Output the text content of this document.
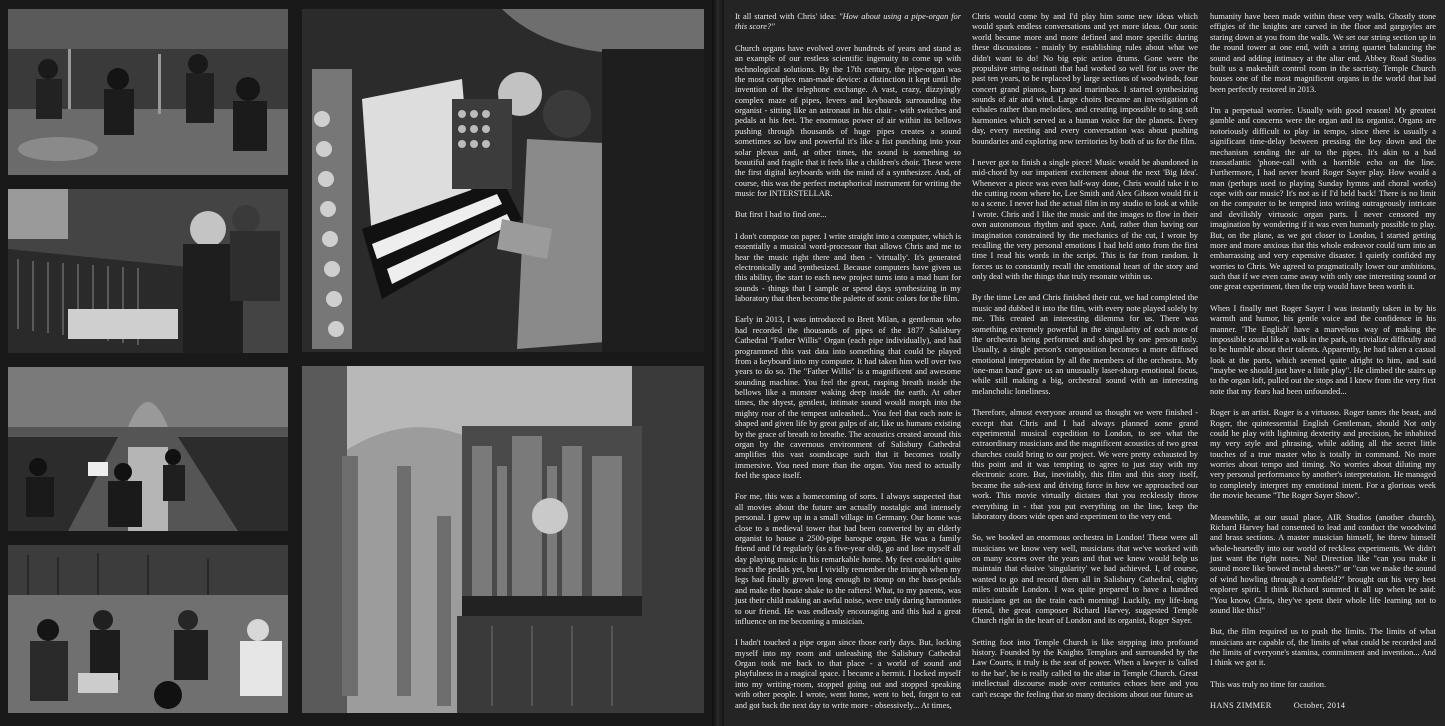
It all started with Chris' idea: "How about using a pipe-organ for this score?"

Church organs have evolved over hundreds of years and stand as an example of our restless scientific ingenuity to come up with technological solutions. By the 17th century, the pipe-organ was the most complex man-made device: a distinction it kept until the invention of the telephone exchange. A vast, crazy, dizzyingly complex maze of pipes, levers and keyboards surrounding the organist - sitting like an astronaut in his chair - with switches and pedals at his feet. The enormous power of air within its bellows pushing through thousands of huge pipes creates a sound sometimes so low and powerful it's like a fist punching into your solar plexus and, at other times, the sound is something so beautiful and fragile that it feels like a children's choir. These were the first digital keyboards with the mind of a synthesizer. And, of course, this was the perfect metaphorical instrument for writing the music for INTERSTELLAR.

But first I had to find one...

I don't compose on paper. I write straight into a computer, which is essentially a musical word-processor that allows Chris and me to hear the music right there and then - 'virtually'. It's generated electronically and synthesized. Because computers have given us this ability, the start to each new project turns into a mad hunt for sounds - things that I sample or spend days synthesizing in my laboratory that then become the palette of sonic colors for the film.

Early in 2013, I was introduced to Brett Milan, a gentleman who had recorded the thousands of pipes of the 1877 Salisbury Cathedral "Father Willis" Organ (each pipe individually), and had programmed this vast data into something that could be played from a keyboard into my computer. It had taken him well over two years to do so. The "Father Willis" is a magnificent and awesome sounding machine. You feel the great, rasping breath inside the bellows like a monster waking deep inside the earth. At other times, the shyest, gentlest, intimate sound would morph into the mighty roar of the tempest unleashed... You feel that each note is shaped and given life by great gulps of air, like us humans existing by the grace of breath to breathe. The acoustics created around this organ by the cavernous environment of Salisbury Cathedral amplifies this vast soundscape such that it becomes totally immersive. You need more than the organ. You need to actually feel the space itself.

For me, this was a homecoming of sorts. I always suspected that all movies about the future are actually nostalgic and intensely personal. I grew up in a small village in Germany. Our home was close to a medieval tower that had been converted by an elderly organist to house a 2500-pipe baroque organ. He was a family friend and I'd regularly (as a five-year old), go and lose myself all day playing music in his remarkable home. My feet couldn't quite reach the pedals yet, but I vividly remember the triumph when my legs had finally grown long enough to stomp on the bass-pedals and make the house shake to the rafters! What, to my parents, was just their child making an awful noise, were truly daring harmonies to our friend. He was endlessly encouraging and this had a great influence on me becoming a musician.

I hadn't touched a pipe organ since those early days. But, locking myself into my room and unleashing the Salisbury Cathedral Organ took me back to that place - a world of sound and playfulness in a magical space. I became a hermit. I locked myself into my writing-room, stopped going out and stopped speaking with other people. I wrote, went home, went to bed, forgot to eat and got back the next day to write more - obsessively... At times,

Chris would come by and I'd play him some new ideas which would spark endless conversations and yet more ideas. Our sonic world became more and more defined and more specific during these discussions - mainly by establishing rules about what we didn't want to do! No big epic action drums. Gone were the propulsive string ostinati that had worked so well for us over the past ten years, to be replaced by large sections of woodwinds, four concert grand pianos, harp and marimbas. I started synthesizing sounds of air and wind. Large choirs became an investigation of exhales rather than melodies, and creating impossible to sing soft harmonies which served as a human voice for the planets. Every day, every meeting and every conversation was about pushing boundaries and exploring new territories by both of us for the film.

I never got to finish a single piece! Music would be abandoned in mid-chord by our impatient excitement about the next 'Big Idea'. Whenever a piece was even half-way done, Chris would take it to the cutting room where he, Lee Smith and Alex Gibson would fit it to a scene. I never had the actual film in my studio to look at while I wrote. Chris and I like the music and the images to flow in their own autonomous rhythm and space. And, rather than having our imagination constrained by the mechanics of the cut, I wrote by recalling the very personal emotions I had held onto from the first time I read his words in the script. This is far from random. It forces us to constantly recall the emotional heart of the story and only deal with the things that truly resonate within us.

By the time Lee and Chris finished their cut, we had completed the music and dubbed it into the film, with every note played solely by me. This created an interesting dilemma for us. There was something extremely powerful in the singularity of each note of the orchestra being performed and shaped by one person only. Usually, a single person's composition becomes a more diffused emotional interpretation by all the members of the orchestra. My 'one-man band' gave us an unusually laser-sharp emotional focus, while still making a big, orchestral sound with an interesting melancholic loneliness.

Therefore, almost everyone around us thought we were finished - except that Chris and I had always planned some grand experimental musical expedition to London, to see what the extraordinary musicians and the magnificent acoustics of two great churches could bring to our project. We were pretty exhausted by this point and it was tempting to agree to just stay with my electronic score. But, inevitably, this film and this story itself, became the sub-text and driving force in how we approached our work. This movie virtually dictates that you recklessly throw everything in - that you put everything on the line, keep the laboratory doors wide open and experiment to the very end.

So, we booked an enormous orchestra in London! These were all musicians we know very well, musicians that we've worked with on many scores over the years and that we knew would help us maintain that elusive 'singularity' we had achieved. I, of course, wanted to go and record them all in Salisbury Cathedral, eighty miles outside London. I was quite prepared to have a hundred musicians get on the train each morning! Luckily, my life-long friend, the great composer Richard Harvey, suggested Temple Church right in the heart of London and its organist, Roger Sayer.

Setting foot into Temple Church is like stepping into profound history. Founded by the Knights Templars and surrounded by the Law Courts, it truly is the seat of power. When a lawyer is 'called to the bar', he is really called to the altar in Temple Church. Great intellectual discourse made over centuries echoes here and you can't escape the feeling that so many decisions about our future as

humanity have been made within these very walls. Ghostly stone effigies of the knights are carved in the floor and gargoyles are staring down at you from the walls. We set our string section up in the round tower at one end, with a string quartet balancing the sound and adding intimacy at the altar end. Abbey Road Studios built us a makeshift control room in the sacristy. Temple Church houses one of the most magnificent organs in the world that had been perfectly restored in 2013.

I'm a perpetual worrier. Usually with good reason! My greatest gamble and concerns were the organ and its organist. Organs are notoriously difficult to play in tempo, since there is usually a significant time-delay between pressing the key down and the mechanism sending the air to the pipes. It's akin to a bad transatlantic 'phone-call with a horrible echo on the line. Furthermore, I had never heard Roger Sayer play. How would a man (perhaps used to playing Sunday hymns and choral works) cope with our music? It's not as if I'd held back! There is no limit on the computer to be tempted into writing outrageously intricate and devilishly virtuosic organ parts. I never censored my imagination by wondering if it was even humanly possible to play. But, on the plane, as we got closer to London, I started getting more and more anxious that this whole endeavor could turn into an embarrassing and very expensive disaster. I quietly confided my worries to Chris. We agreed to pragmatically lower our ambitions, such that if we even came away with only one interesting sound or one great experiment, then the trip would have been worth it.

When I finally met Roger Sayer I was instantly taken in by his warmth and humor, his gentle voice and the confidence in his manner. 'The English' have a marvelous way of making the impossible sound like a walk in the park, to trivialize difficulty and to be humble about their talents. Apparently, he had taken a casual look at the parts, which seemed quite alright to him, and said "maybe we should just have a little play". He climbed the stairs up to the organ loft, pulled out the stops and I knew from the very first note that my fears had been unfounded...

Roger is an artist. Roger is a virtuoso. Roger tames the beast, and Roger, the quintessential English Gentleman, should Not only could he play with lightning dexterity and precision, he inhabited my very style and phrasing, while adding all the secret little touches of a true master who is totally in command. No more worries about tempo and timing. No worries about diluting my very personal performance by another's interpretation. He managed to completely interpret my emotional intent. For a glorious week the movie became "The Roger Sayer Show".

Meanwhile, at our usual place, AIR Studios (another church), Richard Harvey had consented to lead and conduct the woodwind and brass sections. A master musician himself, he threw himself whole-heartedly into our world of reckless experiments. We didn't just want the right notes. No! Direction like "can you make it sound more like bowed metal sheets?" or "can we make the sound of wind howling through a cornfield?" brought out his very best explorer spirit. I think Richard summed it all up when he said: "You know, Chris, they've spent their whole life learning not to sound like this!"

But, the film required us to push the limits. The limits of what musicians are capable of, the limits of what could be recorded and the limits of everyone's stamina, commitment and invention... And I think we got it.

This was truly no time for caution.

HANS ZIMMER	October, 2014
